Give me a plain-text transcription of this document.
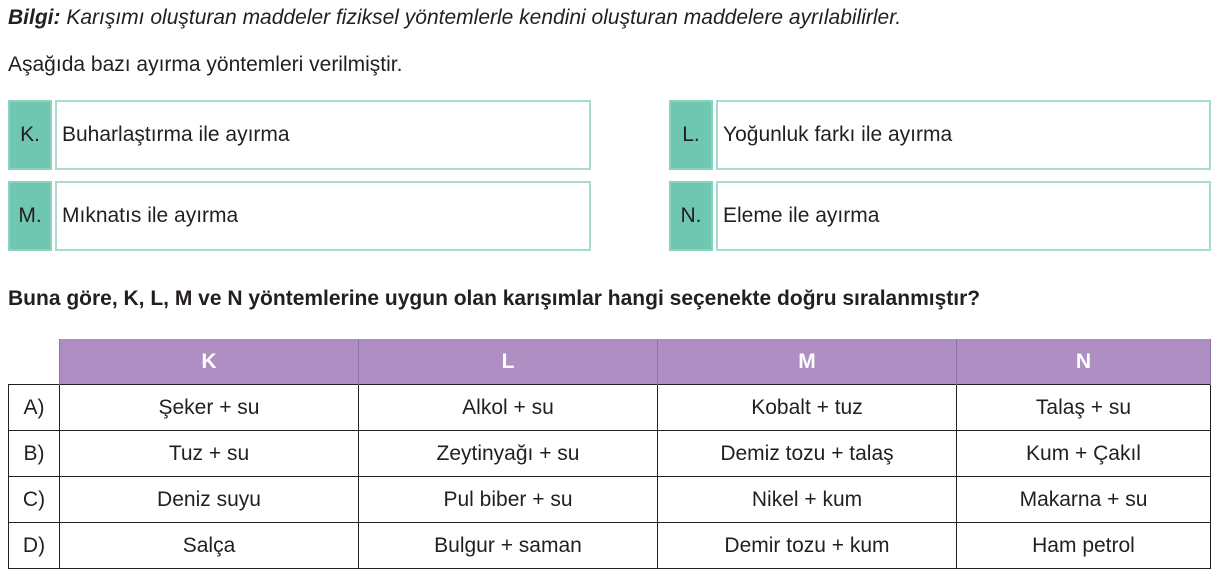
Bilgi: Karışımı oluşturan maddeler fiziksel yöntemlerle kendini oluşturan maddelere ayrılabilirler.
Aşağıda bazı ayırma yöntemleri verilmiştir.
K.	Buharlaştırma ile ayırma	L.	Yoğunluk farkı ile ayırma
M. Mıknatıs ile ayırma	N.	Eleme ile ayırma
Buna göre, K, L, M ve N yöntemlerine uygun olan karışımlar hangi seçenekte doğru sıralanmıştır?
	K	L	M	N
A)	Şeker + su	Alkol + su	Kobalt + tuz	Talaş + su
B)	Tuz + su	Zeytinyağı + su	Demiz tozu + talaş	Kum + Çakıl
C)	Deniz suyu	Pul biber + su	Nikel + kum	Makarna + su
D)	Salça	Bulgur + saman	Demir tozu + kum	Ham petrol
